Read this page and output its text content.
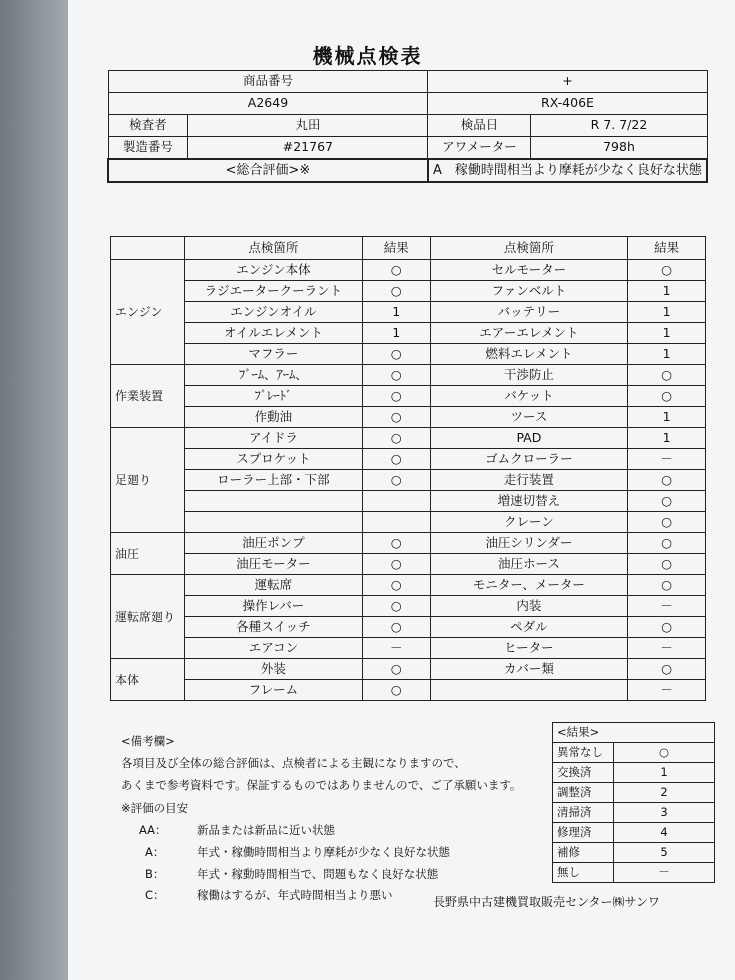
機械点検表
商品番号		+	
A2649		RX-406E	
検査者	丸田	検品日	R 7. 7/22
製造番号	#21767	アワメーター	798h
<総合評価>※		A　稼働時間相当より摩耗が少なく良好な状態	
	点検箇所	結果	点検箇所	結果
エンジン	エンジン本体	○	セルモーター	○
	ラジエータークーラント	○	ファンベルト	1
	エンジンオイル	1	バッテリー	1
	オイルエレメント	1	エアーエレメント	1
	マフラー	○	燃料エレメント	1
作業装置	ﾌﾞｰﾑ、ｱｰﾑ、	○	干渉防止	○
	ﾌﾞﾚｰﾄﾞ	○	バケット	○
	作動油	○	ツース	1
足廻り	アイドラ	○	PAD	1
	スプロケット	○	ゴムクローラー	－
	ローラー上部・下部	○	走行装置	○
			増速切替え	○
			クレーン	○
油圧	油圧ポンプ	○	油圧シリンダー	○
	油圧モーター	○	油圧ホース	○
運転席廻り	運転席	○	モニター、メーター	○
	操作レバー	○	内装	－
	各種スイッチ	○	ペダル	○
	エアコン	－	ヒーター	－
本体	外装	○	カバー類	○
	フレーム	○		－
<備考欄>
各項目及び全体の総合評価は、点検者による主観になりますので、
あくまで参考資料です。保証するものではありませんので、ご了承願います。
※評価の目安
AA：	新品または新品に近い状態
A：	年式・稼働時間相当より摩耗が少なく良好な状態
B：	年式・稼動時間相当で、問題もなく良好な状態
C：	稼働はするが、年式時間相当より悪い
<結果>	
異常なし	○
交換済	1
調整済	2
清掃済	3
修理済	4
補修	5
無し	－
長野県中古建機買取販売センター㈱サンワ
